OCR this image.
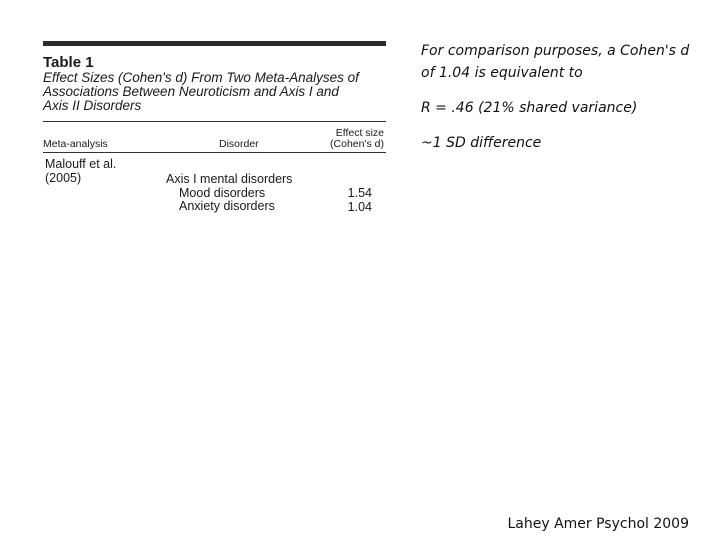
Table 1
Effect Sizes (Cohen's d) From Two Meta-Analyses of
Associations Between Neuroticism and Axis I and
Axis II Disorders
Meta-analysis	Disorder
Effect size
(Cohen's d)
Malouff et al.
(2005)	Axis I mental disorders
Mood disorders
Anxiety disorders
1.54
1.04

For comparison purposes, a Cohen's d of 1.04 is equivalent to

R = .46 (21% shared variance)

~1 SD difference

Lahey Amer Psychol 2009
